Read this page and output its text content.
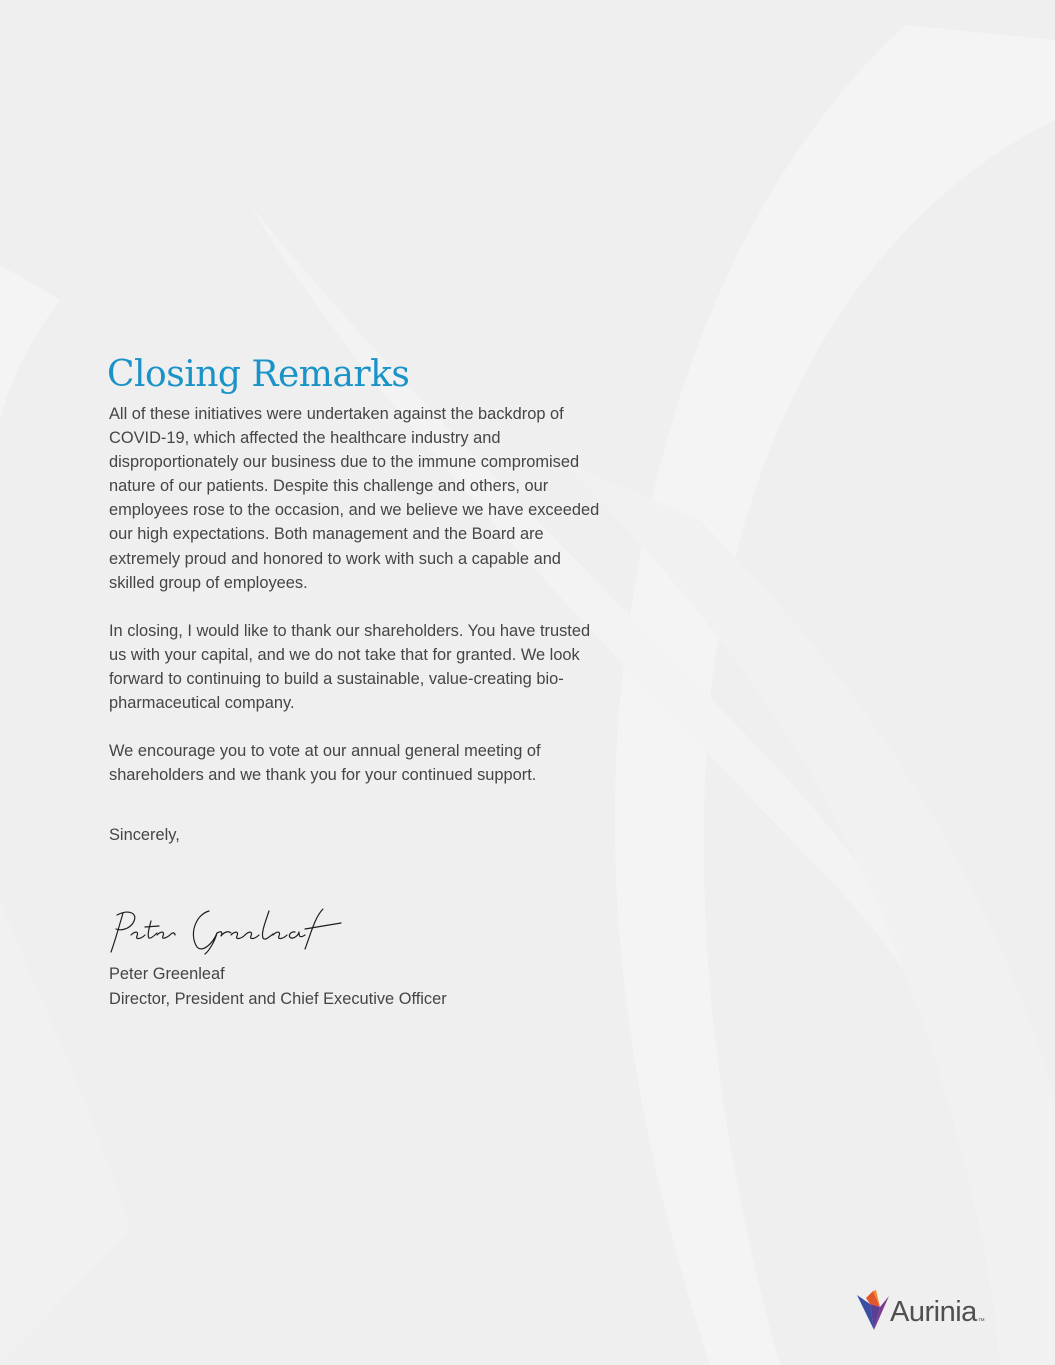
Closing Remarks

All of these initiatives were undertaken against the backdrop of COVID-19, which affected the healthcare industry and disproportionately our business due to the immune compromised nature of our patients. Despite this challenge and others, our employees rose to the occasion, and we believe we have exceeded our high expectations. Both management and the Board are extremely proud and honored to work with such a capable and skilled group of employees.

In closing, I would like to thank our shareholders. You have trusted us with your capital, and we do not take that for granted. We look forward to continuing to build a sustainable, value-creating bio-pharmaceutical company.

We encourage you to vote at our annual general meeting of shareholders and we thank you for your continued support.

Sincerely,

Peter Greenleaf
Director, President and Chief Executive Officer
Aurinia™
